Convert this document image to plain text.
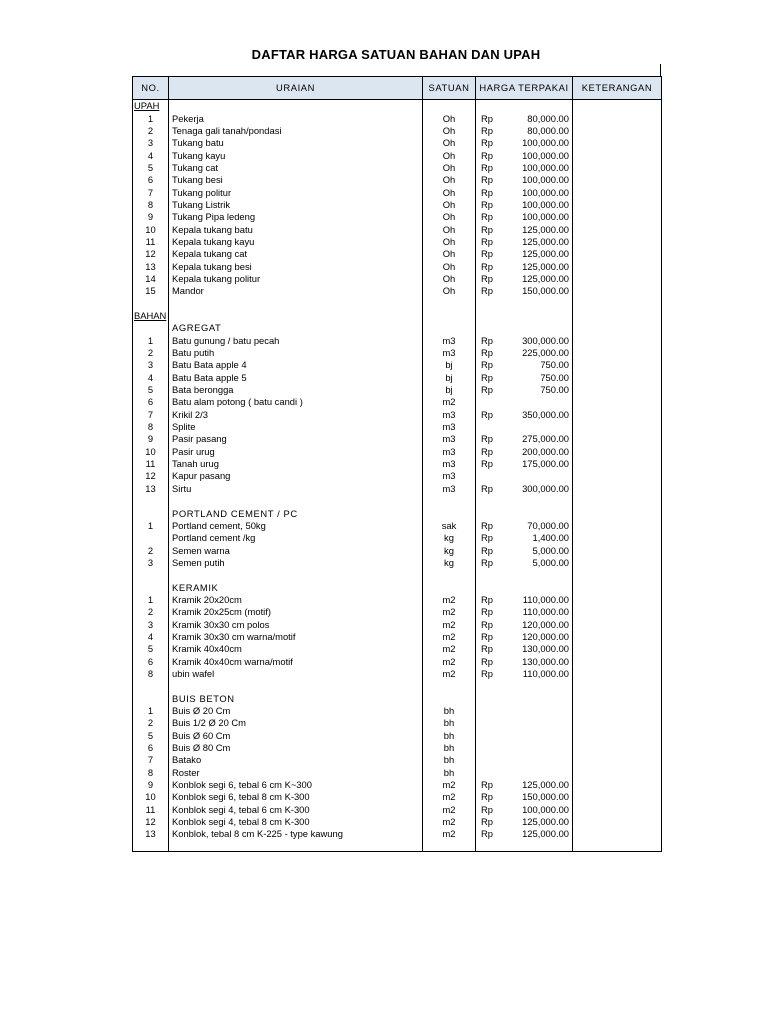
DAFTAR HARGA SATUAN BAHAN DAN UPAH
NO.	URAIAN	SATUAN	HARGA TERPAKAI	KETERANGAN
UPAH				
1	Pekerja	Oh	Rp 80,000.00	

2	Tenaga gali tanah/pondasi	Oh	Rp 80,000.00	

3	Tukang batu	Oh	Rp 100,000.00	

4	Tukang kayu	Oh	Rp 100,000.00	

5	Tukang cat	Oh	Rp 100,000.00	

6	Tukang besi	Oh	Rp 100,000.00	

7	Tukang politur	Oh	Rp 100,000.00	

8	Tukang Listrik	Oh	Rp 100,000.00	

9	Tukang Pipa ledeng	Oh	Rp 100,000.00	

10	Kepala tukang batu	Oh	Rp 125,000.00	

11	Kepala tukang kayu	Oh	Rp 125,000.00	

12	Kepala tukang cat	Oh	Rp 125,000.00	

13	Kepala tukang besi	Oh	Rp 125,000.00	

14	Kepala tukang politur	Oh	Rp 125,000.00	

15	Mandor	Oh	Rp 150,000.00	

BAHAN				
	AGREGAT			
1	Batu gunung / batu pecah	m3	Rp 300,000.00	

2	Batu putih	m3	Rp 225,000.00	

3	Batu Bata apple 4	bj	Rp 750.00	

4	Batu Bata apple 5	bj	Rp 750.00	

5	Bata berongga	bj	Rp 750.00	

6	Batu alam potong ( batu candi )	m2	

7	Krikil 2/3	m3	Rp 350,000.00	

8	Splite	m3	

9	Pasir pasang	m3	Rp 275,000.00	

10	Pasir urug	m3	Rp 200,000.00	

11	Tanah urug	m3	Rp 175,000.00	

12	Kapur pasang	m3	

13	Sirtu	m3	Rp 300,000.00	

	PORTLAND CEMENT / PC			
1	Portland cement, 50kg	sak	Rp 70,000.00	

	Portland cement /kg	kg	Rp 1,400.00	

2	Semen warna	kg	Rp 5,000.00	

3	Semen putih	kg	Rp 5,000.00	

	KERAMIK			
1	Kramik 20x20cm	m2	Rp 110,000.00	

2	Kramik 20x25cm (motif)	m2	Rp 110,000.00	

3	Kramik 30x30 cm polos	m2	Rp 120,000.00	

4	Kramik 30x30 cm warna/motif	m2	Rp 120,000.00	

5	Kramik 40x40cm	m2	Rp 130,000.00	

6	Kramik 40x40cm warna/motif	m2	Rp 130,000.00	

8	ubin wafel	m2	Rp 110,000.00	

	BUIS BETON			
1	Buis Ø 20 Cm	bh	

2	Buis 1/2 Ø 20 Cm	bh	

5	Buis Ø 60 Cm	bh	

6	Buis Ø 80 Cm	bh	

7	Batako	bh	

8	Roster	bh	

9	Konblok segi 6, tebal 6 cm K~300	m2	Rp 125,000.00	

10	Konblok segi 6, tebal 8 cm K-300	m2	Rp 150,000.00	

11	Konblok segi 4, tebal 6 cm K-300	m2	Rp 100,000.00	

12	Konblok segi 4, tebal 8 cm K-300	m2	Rp 125,000.00	

13	Konblok, tebal 8 cm K-225 - type kawung	m2	Rp 125,000.00	
